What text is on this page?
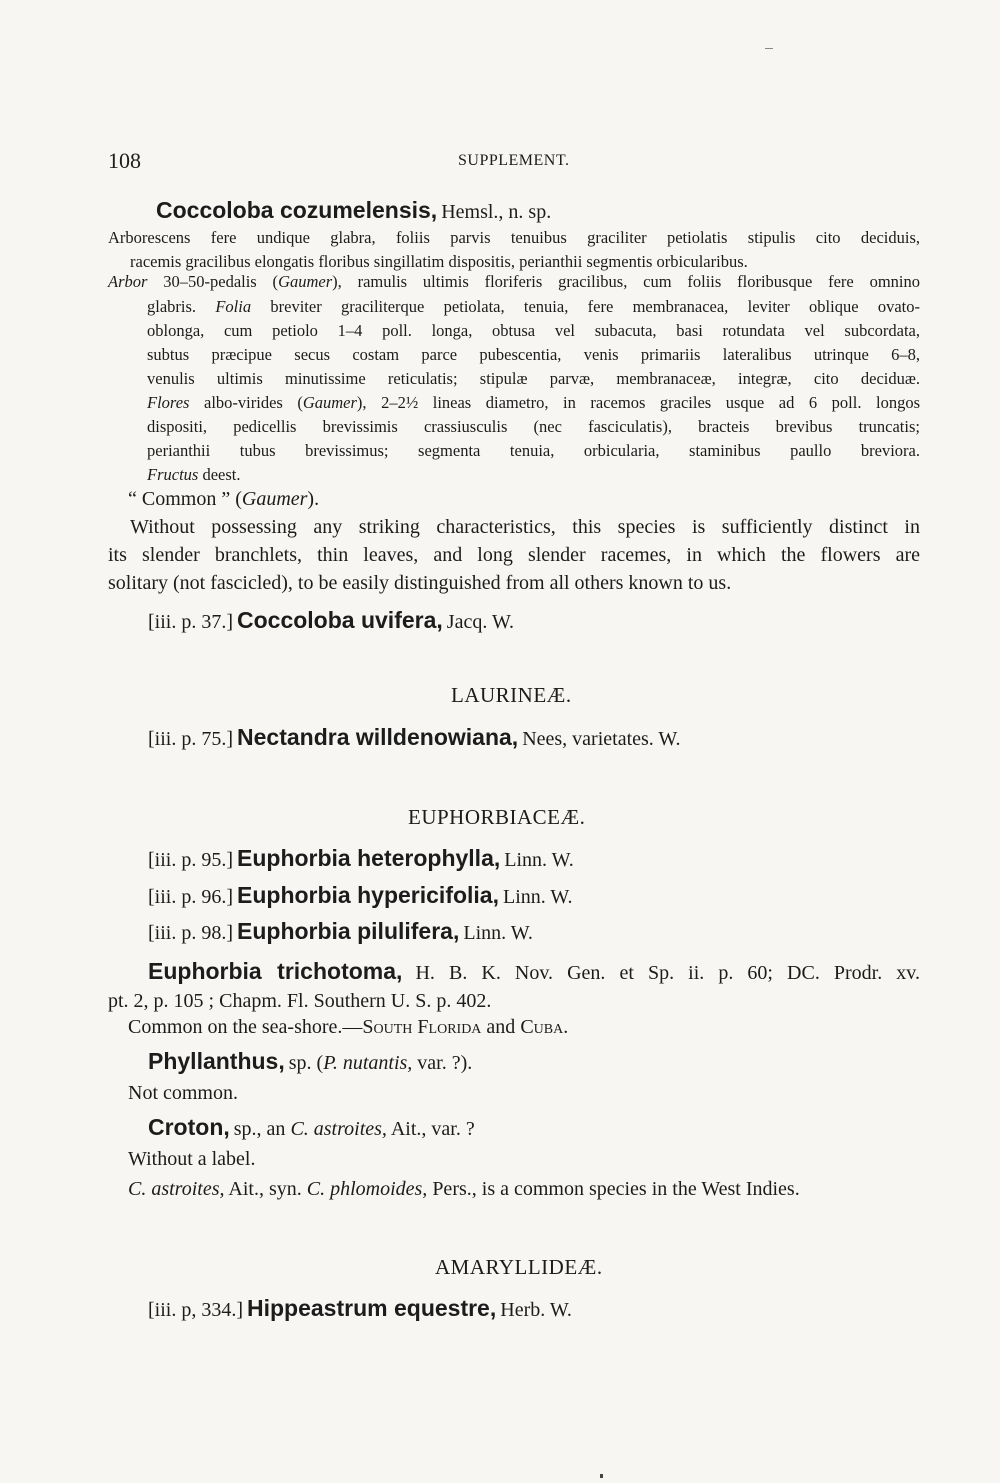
108	SUPPLEMENT.
Coccoloba cozumelensis, Hemsl., n. sp.
Arborescens fere undique glabra, foliis parvis tenuibus graciliter petiolatis stipulis cito deciduis,
racemis gracilibus elongatis floribus singillatim dispositis, perianthii segmentis orbicularibus.
Arbor 30–50-pedalis (Gaumer), ramulis ultimis floriferis gracilibus, cum foliis floribusque fere omnino
glabris. Folia breviter graciliterque petiolata, tenuia, fere membranacea, leviter oblique ovato-
oblonga, cum petiolo 1–4 poll. longa, obtusa vel subacuta, basi rotundata vel subcordata,
subtus præcipue secus costam parce pubescentia, venis primariis lateralibus utrinque 6–8,
venulis ultimis minutissime reticulatis; stipulæ parvæ, membranaceæ, integræ, cito deciduæ.
Flores albo-virides (Gaumer), 2–2½ lineas diametro, in racemos graciles usque ad 6 poll. longos
dispositi, pedicellis brevissimis crassiusculis (nec fasciculatis), bracteis brevibus truncatis;
perianthii tubus brevissimus; segmenta tenuia, orbicularia, staminibus paullo breviora.
Fructus deest.
“ Common ” (Gaumer).
Without possessing any striking characteristics, this species is sufficiently distinct in
its slender branchlets, thin leaves, and long slender racemes, in which the flowers are
solitary (not fascicled), to be easily distinguished from all others known to us.
[iii. p. 37.] Coccoloba uvifera, Jacq. W.
LAURINEÆ.
[iii. p. 75.] Nectandra willdenowiana, Nees, varietates. W.
EUPHORBIACEÆ.
[iii. p. 95.] Euphorbia heterophylla, Linn. W.
[iii. p. 96.] Euphorbia hypericifolia, Linn. W.
[iii. p. 98.] Euphorbia pilulifera, Linn. W.
Euphorbia trichotoma, H. B. K. Nov. Gen. et Sp. ii. p. 60; DC. Prodr. xv.
pt. 2, p. 105 ; Chapm. Fl. Southern U. S. p. 402.
Common on the sea-shore.—South Florida and Cuba.
Phyllanthus, sp. (P. nutantis, var. ?).
Not common.
Croton, sp., an C. astroites, Ait., var. ?
Without a label.
C. astroites, Ait., syn. C. phlomoides, Pers., is a common species in the West Indies.
AMARYLLIDEÆ.
[iii. p, 334.] Hippeastrum equestre, Herb. W.
